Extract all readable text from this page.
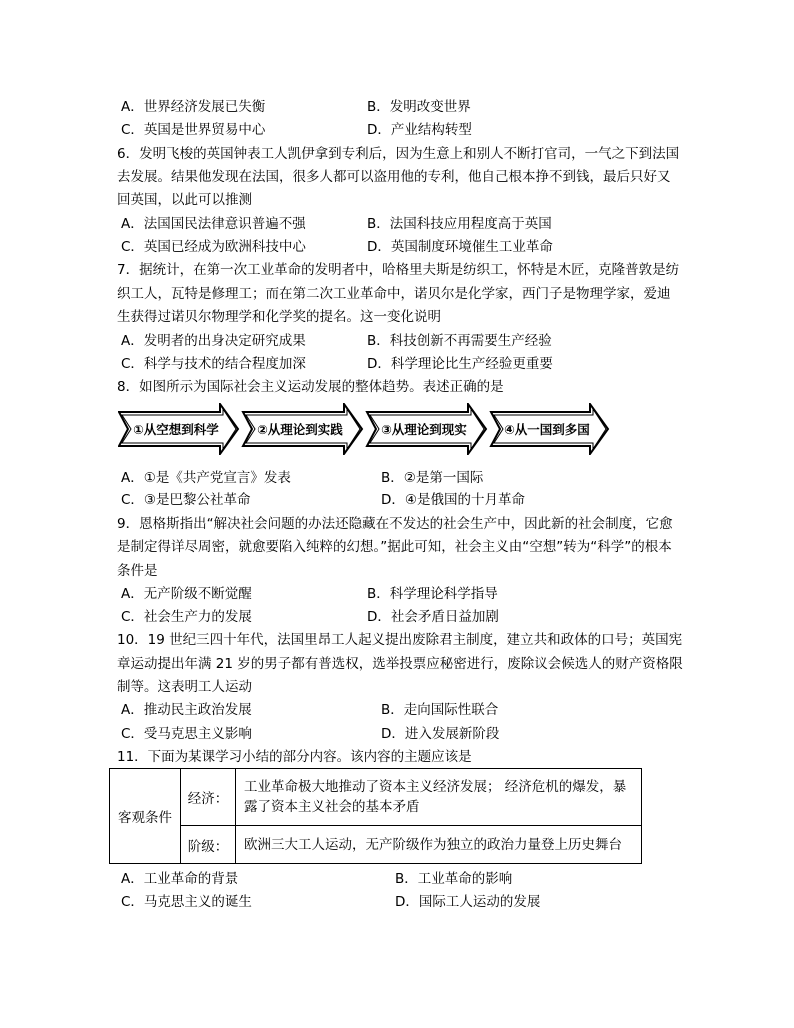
A．世界经济发展已失衡	B．发明改变世界
C．英国是世界贸易中心	D．产业结构转型
6．发明飞梭的英国钟表工人凯伊拿到专利后，因为生意上和别人不断打官司，一气之下到法国
去发展。结果他发现在法国，很多人都可以盗用他的专利，他自己根本挣不到钱，最后只好又
回英国，以此可以推测
A．法国国民法律意识普遍不强	B．法国科技应用程度高于英国
C．英国已经成为欧洲科技中心	D．英国制度环境催生工业革命
7．据统计，在第一次工业革命的发明者中，哈格里夫斯是纺织工，怀特是木匠，克隆普敦是纺
织工人，瓦特是修理工；而在第二次工业革命中，诺贝尔是化学家，西门子是物理学家，爱迪
生获得过诺贝尔物理学和化学奖的提名。这一变化说明
A．发明者的出身决定研究成果	B．科技创新不再需要生产经验
C．科学与技术的结合程度加深	D．科学理论比生产经验更重要
8．如图所示为国际社会主义运动发展的整体趋势。表述正确的是
①从空想到科学	②从理论到实践	③从理论到现实	④从一国到多国
A．①是《共产党宣言》发表	B．②是第一国际
C．③是巴黎公社革命	D．④是俄国的十月革命
9．恩格斯指出“解决社会问题的办法还隐藏在不发达的社会生产中，因此新的社会制度，它愈
是制定得详尽周密，就愈要陷入纯粹的幻想。”据此可知，社会主义由“空想”转为“科学”的根本
条件是
A．无产阶级不断觉醒	B．科学理论科学指导
C．社会生产力的发展	D．社会矛盾日益加剧
10．19 世纪三四十年代，法国里昂工人起义提出废除君主制度，建立共和政体的口号；英国宪
章运动提出年满 21 岁的男子都有普选权，选举投票应秘密进行，废除议会候选人的财产资格限
制等。这表明工人运动
A．推动民主政治发展	B．走向国际性联合
C．受马克思主义影响	D．进入发展新阶段
11．下面为某课学习小结的部分内容。该内容的主题应该是
客观条件	经济：	工业革命极大地推动了资本主义经济发展； 经济危机的爆发，暴
露了资本主义社会的基本矛盾

	阶级：	欧洲三大工人运动，无产阶级作为独立的政治力量登上历史舞台
A．工业革命的背景	B．工业革命的影响
C．马克思主义的诞生	D．国际工人运动的发展
